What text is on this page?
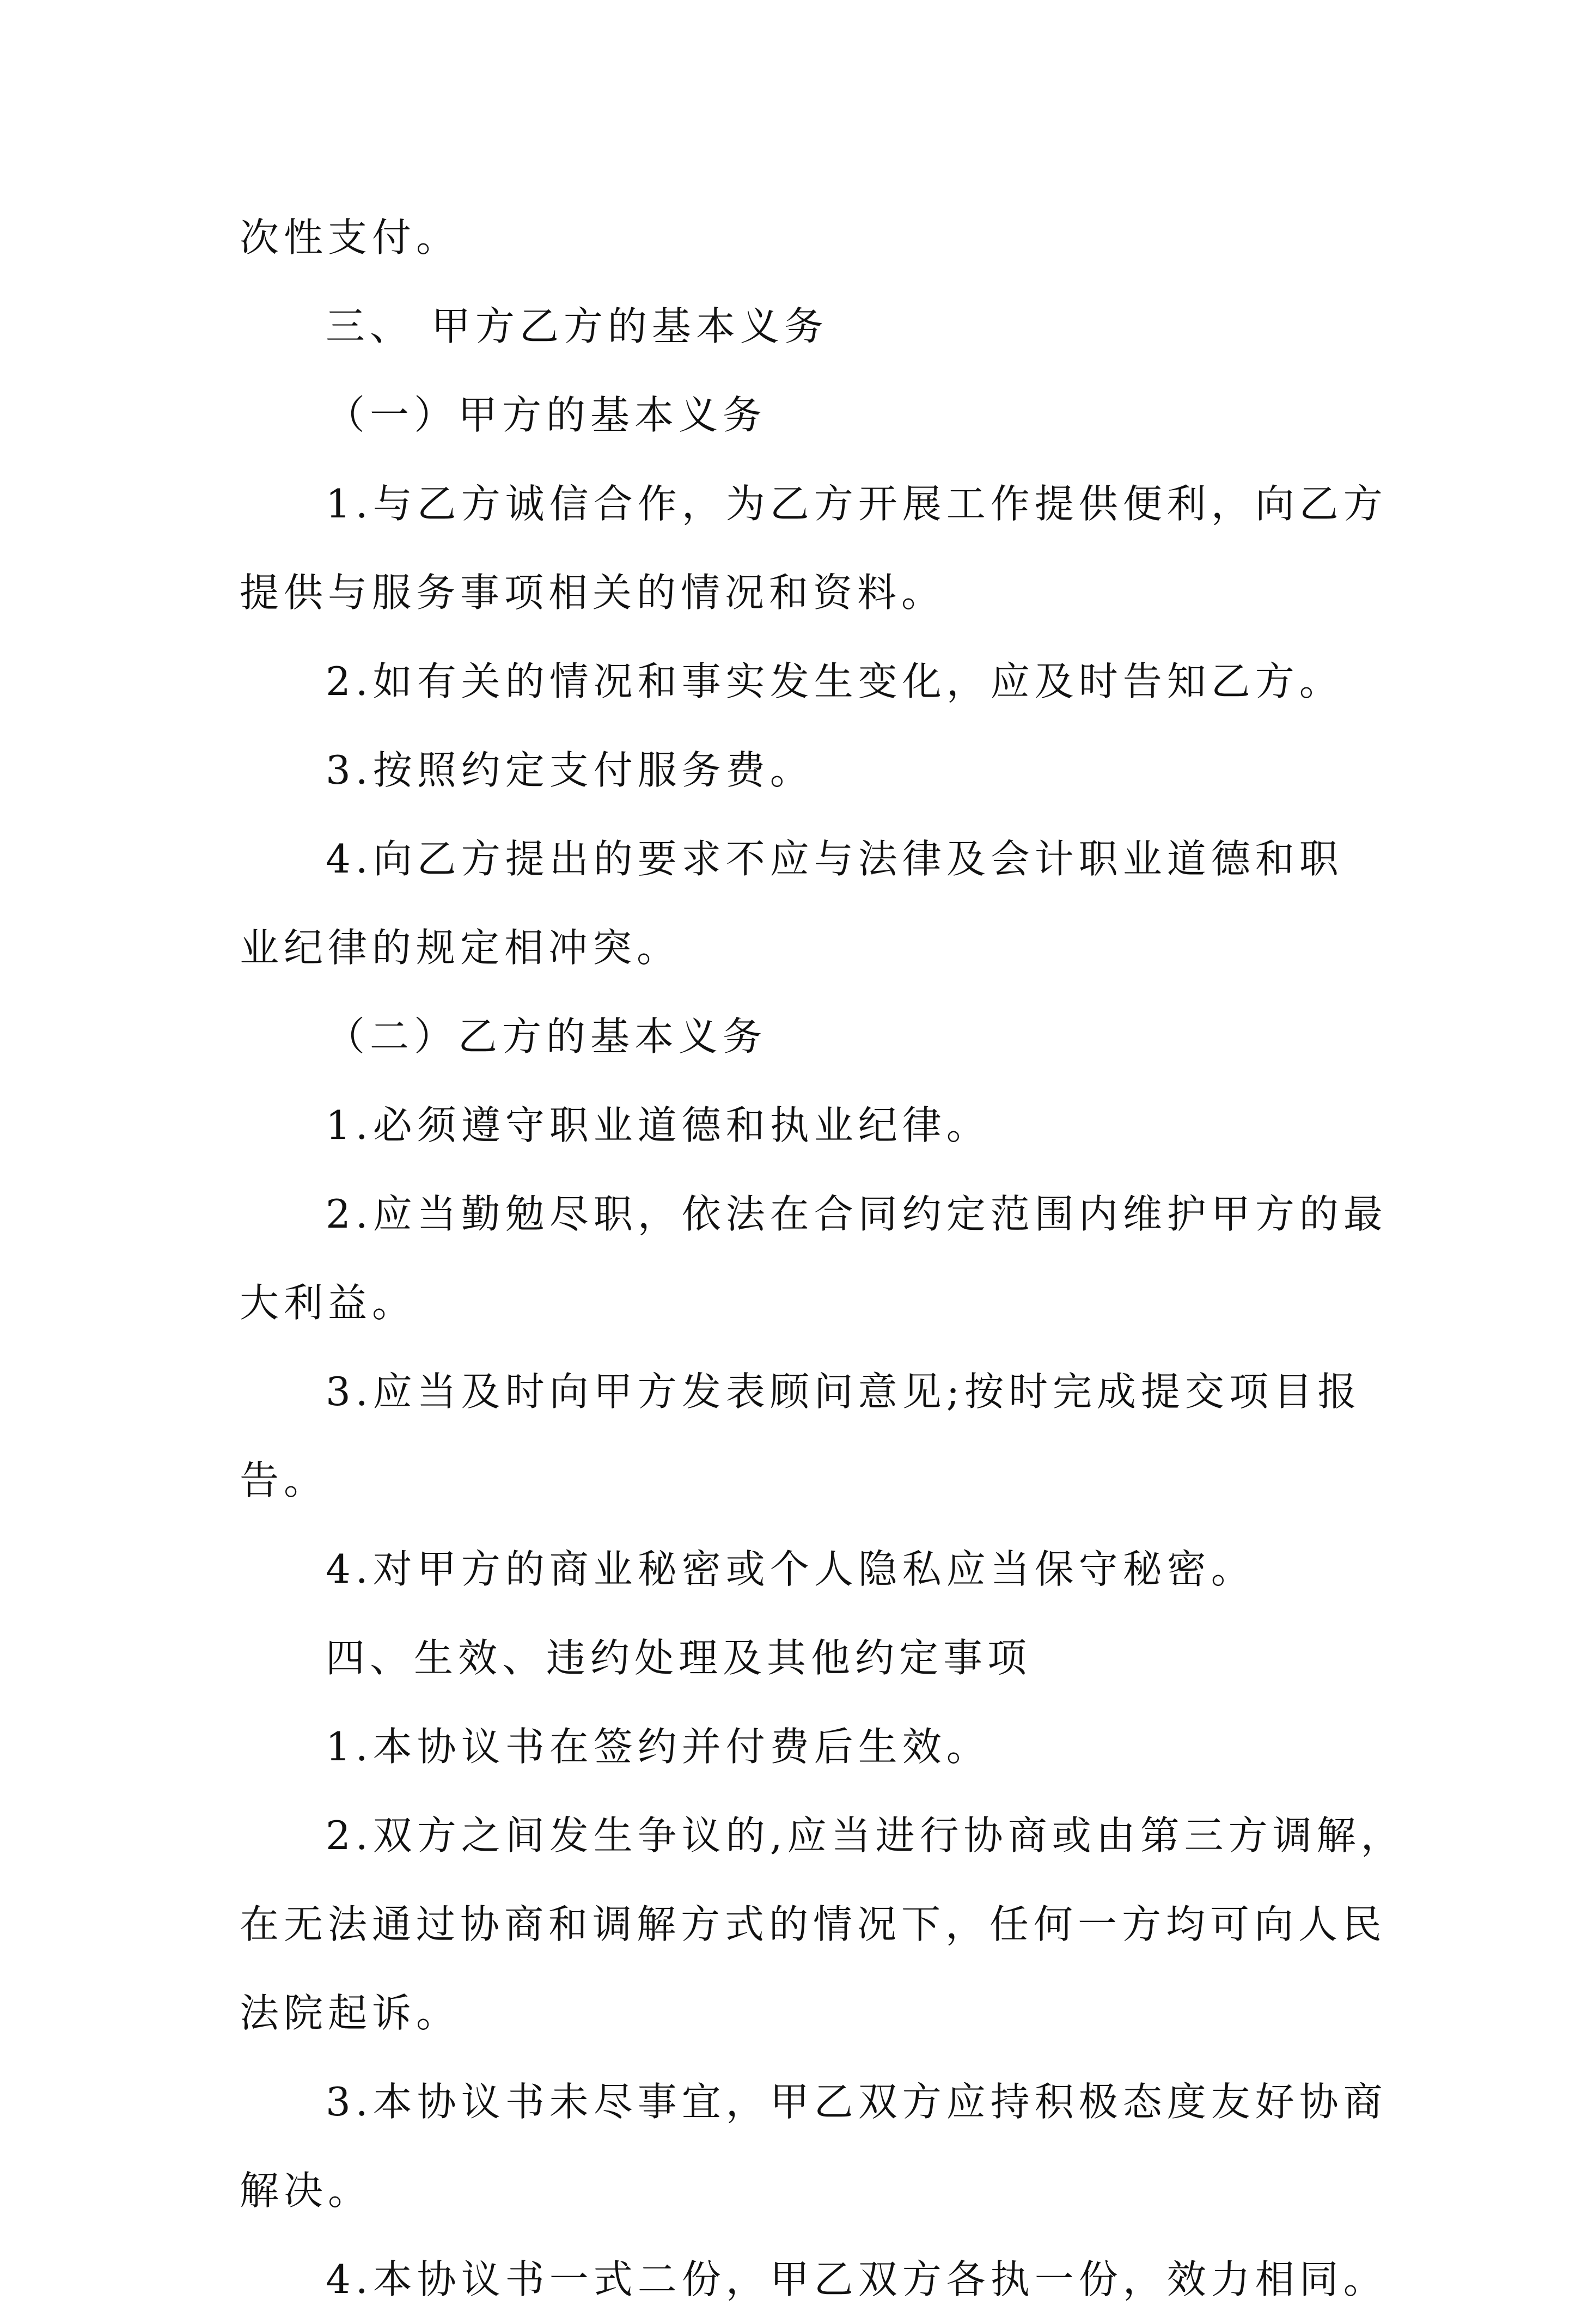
次性支付。
三、 甲方乙方的基本义务
（一）甲方的基本义务
1.与乙方诚信合作，为乙方开展工作提供便利，向乙方
提供与服务事项相关的情况和资料。
2.如有关的情况和事实发生变化，应及时告知乙方。
3.按照约定支付服务费。
4.向乙方提出的要求不应与法律及会计职业道德和职
业纪律的规定相冲突。
（二）乙方的基本义务
1.必须遵守职业道德和执业纪律。
2.应当勤勉尽职，依法在合同约定范围内维护甲方的最
大利益。
3.应当及时向甲方发表顾问意见;按时完成提交项目报
告。
4.对甲方的商业秘密或个人隐私应当保守秘密。
四、生效、违约处理及其他约定事项
1.本协议书在签约并付费后生效。
2.双方之间发生争议的,应当进行协商或由第三方调解，
在无法通过协商和调解方式的情况下，任何一方均可向人民
法院起诉。
3.本协议书未尽事宜，甲乙双方应持积极态度友好协商
解决。
4.本协议书一式二份，甲乙双方各执一份，效力相同。
